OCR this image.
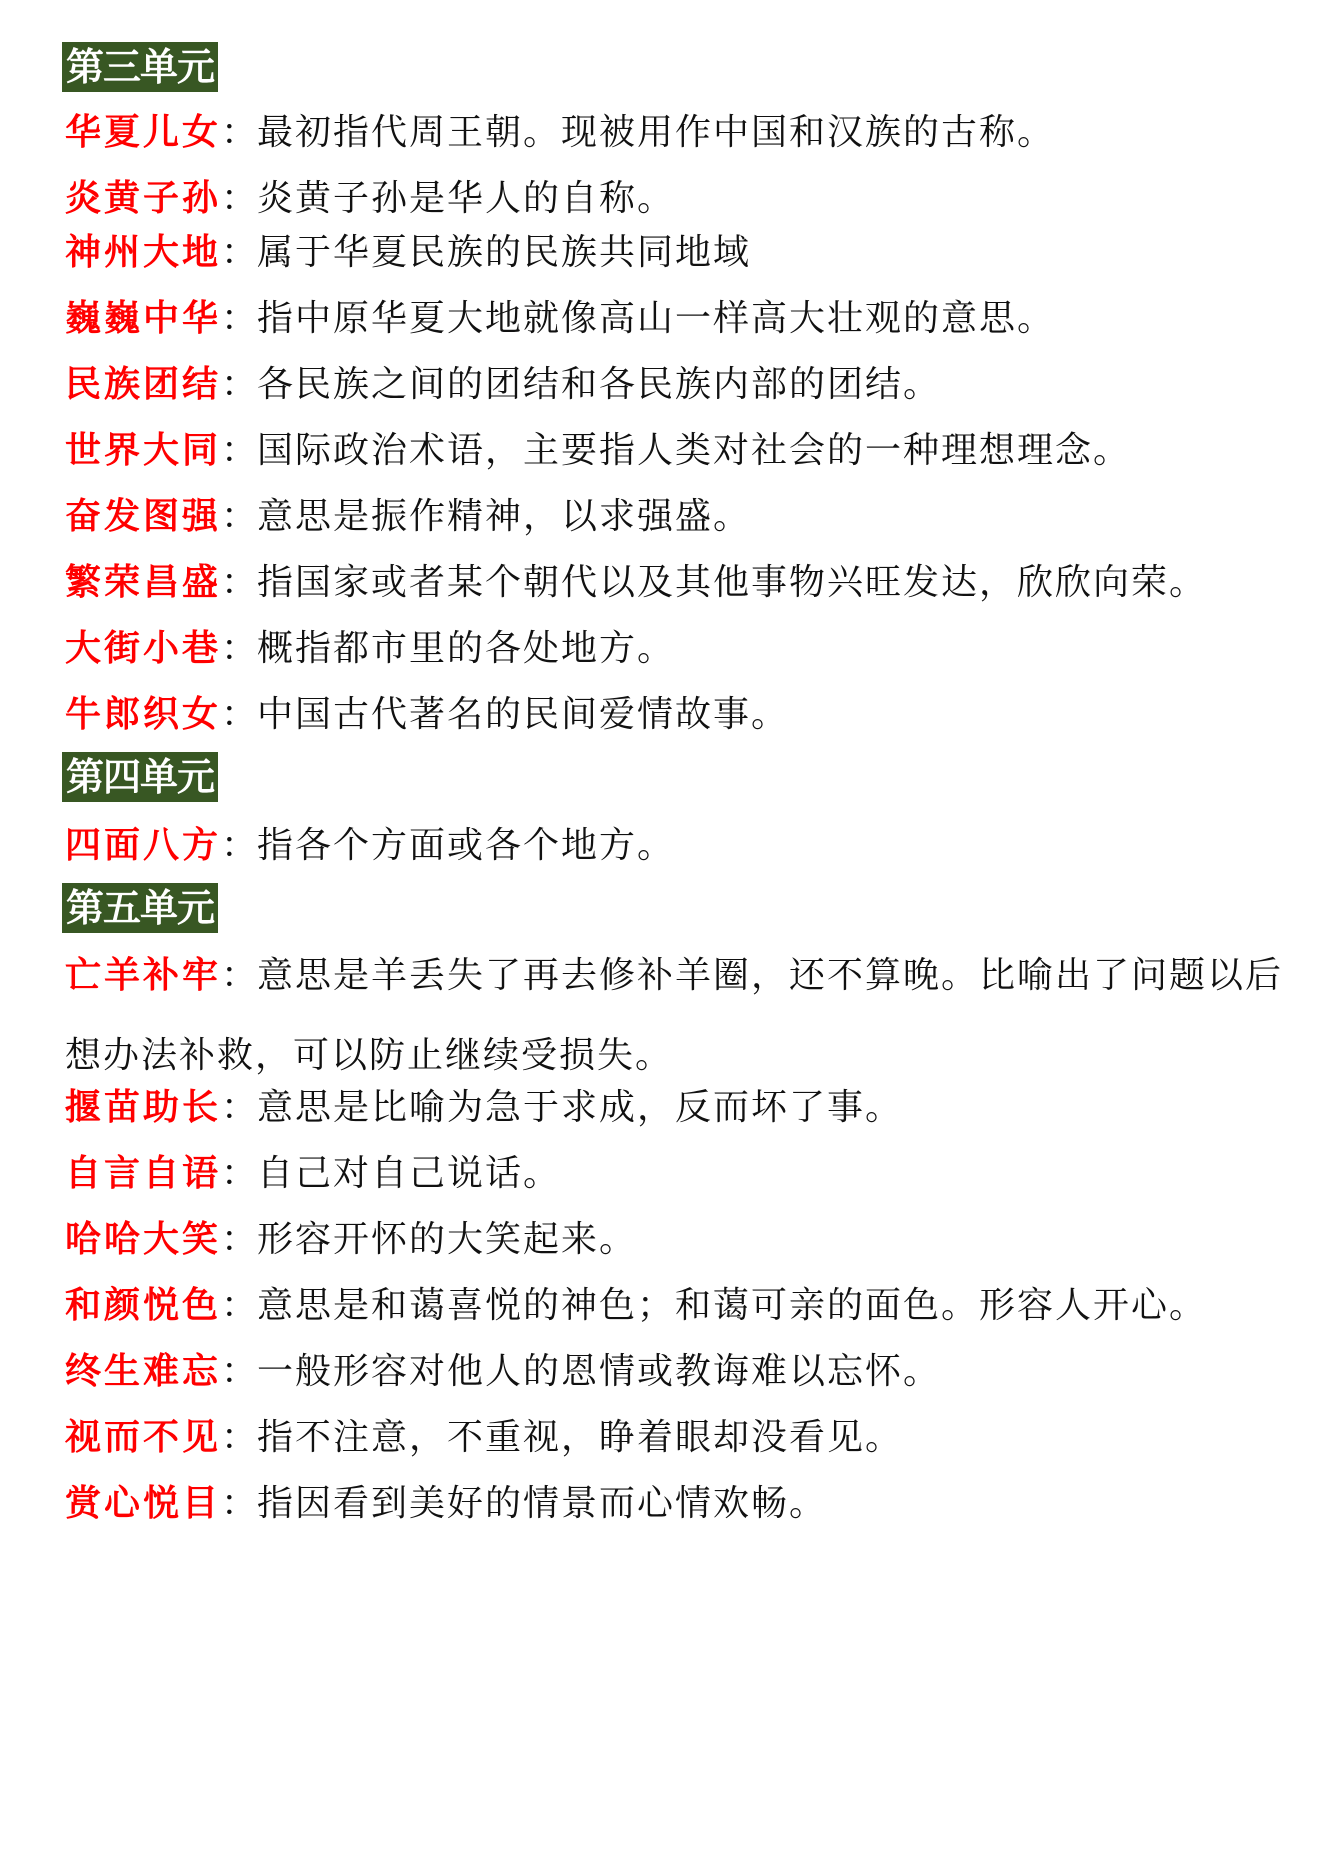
第三单元
华夏儿女：最初指代周王朝。现被用作中国和汉族的古称。
炎黄子孙：炎黄子孙是华人的自称。
神州大地：属于华夏民族的民族共同地域
巍巍中华：指中原华夏大地就像高山一样高大壮观的意思。
民族团结：各民族之间的团结和各民族内部的团结。
世界大同：国际政治术语，主要指人类对社会的一种理想理念。
奋发图强：意思是振作精神，以求强盛。
繁荣昌盛：指国家或者某个朝代以及其他事物兴旺发达，欣欣向荣。
大街小巷：概指都市里的各处地方。
牛郎织女：中国古代著名的民间爱情故事。
第四单元
四面八方：指各个方面或各个地方。
第五单元
亡羊补牢：意思是羊丢失了再去修补羊圈，还不算晚。比喻出了问题以后想办法补救，可以防止继续受损失。
揠苗助长：意思是比喻为急于求成，反而坏了事。
自言自语：自己对自己说话。
哈哈大笑：形容开怀的大笑起来。
和颜悦色：意思是和蔼喜悦的神色；和蔼可亲的面色。形容人开心。
终生难忘：一般形容对他人的恩情或教诲难以忘怀。
视而不见：指不注意，不重视，睁着眼却没看见。
赏心悦目：指因看到美好的情景而心情欢畅。
